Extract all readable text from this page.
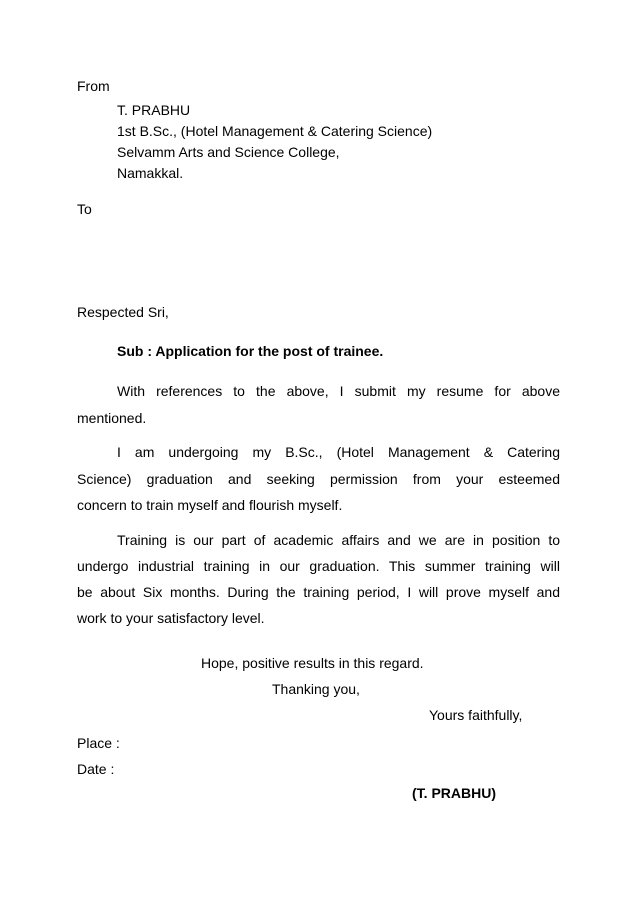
From
T. PRABHU
1st B.Sc., (Hotel Management & Catering Science)
Selvamm Arts and Science College,
Namakkal.
To
Respected Sri,
Sub : Application for the post of trainee.
With references to the above, I submit my resume for above
mentioned.
I am undergoing my B.Sc., (Hotel Management & Catering
Science) graduation and seeking permission from your esteemed
concern to train myself and flourish myself.
Training is our part of academic affairs and we are in position to
undergo industrial training in our graduation. This summer training will
be about Six months. During the training period, I will prove myself and
work to your satisfactory level.
Hope, positive results in this regard.
Thanking you,
Yours faithfully,
Place :
Date :
(T. PRABHU)
